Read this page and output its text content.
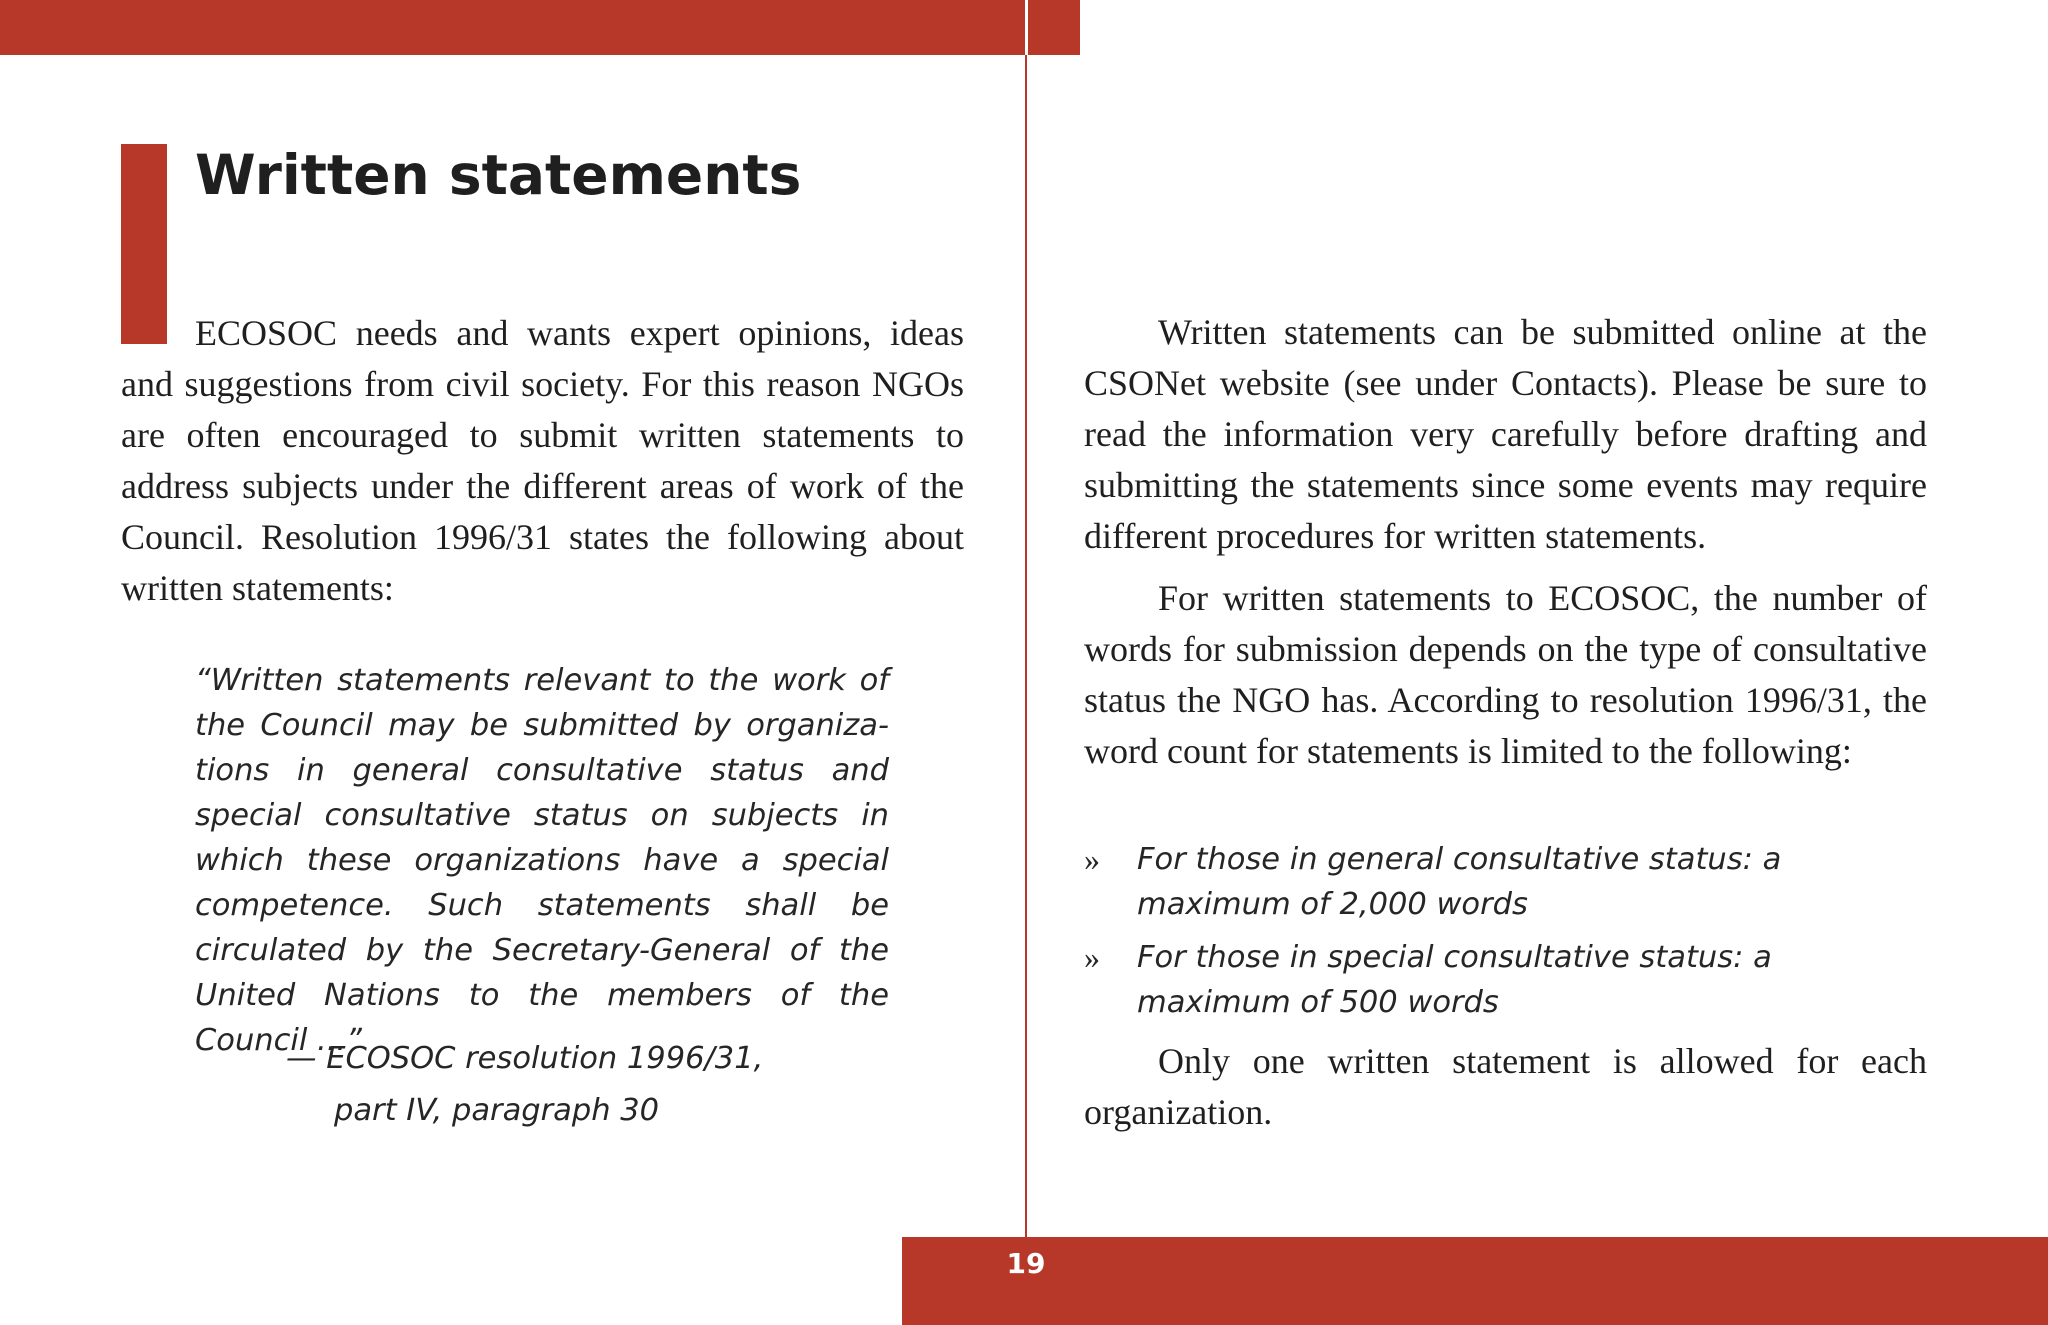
19
Written statements

ECOSOC needs and wants expert opinions, ideas and suggestions from civil society. For this reason NGOs are often encouraged to submit written statements to address subjects under the different areas of work of the Council. Resolution 1996/31 states the following about written statements:

“Written statements relevant to the work of the Council may be submitted by organizations in general consultative status and special consultative status on subjects in which these organizations have a special competence. Such statements shall be circulated by the Secretary-General of the United Nations to the members of the Council ...”

— ECOSOC resolution 1996/31,
part IV, paragraph 30

Written statements can be submitted online at the CSONet website (see under Contacts). Please be sure to read the information very carefully before drafting and submitting the statements since some events may require different procedures for written statements.

For written statements to ECOSOC, the number of words for submission depends on the type of consultative status the NGO has. According to resolution 1996/31, the word count for statements is limited to the following:

» For those in general consultative status: a maximum of 2,000 words
» For those in special consultative status: a maximum of 500 words

Only one written statement is allowed for each organization.
